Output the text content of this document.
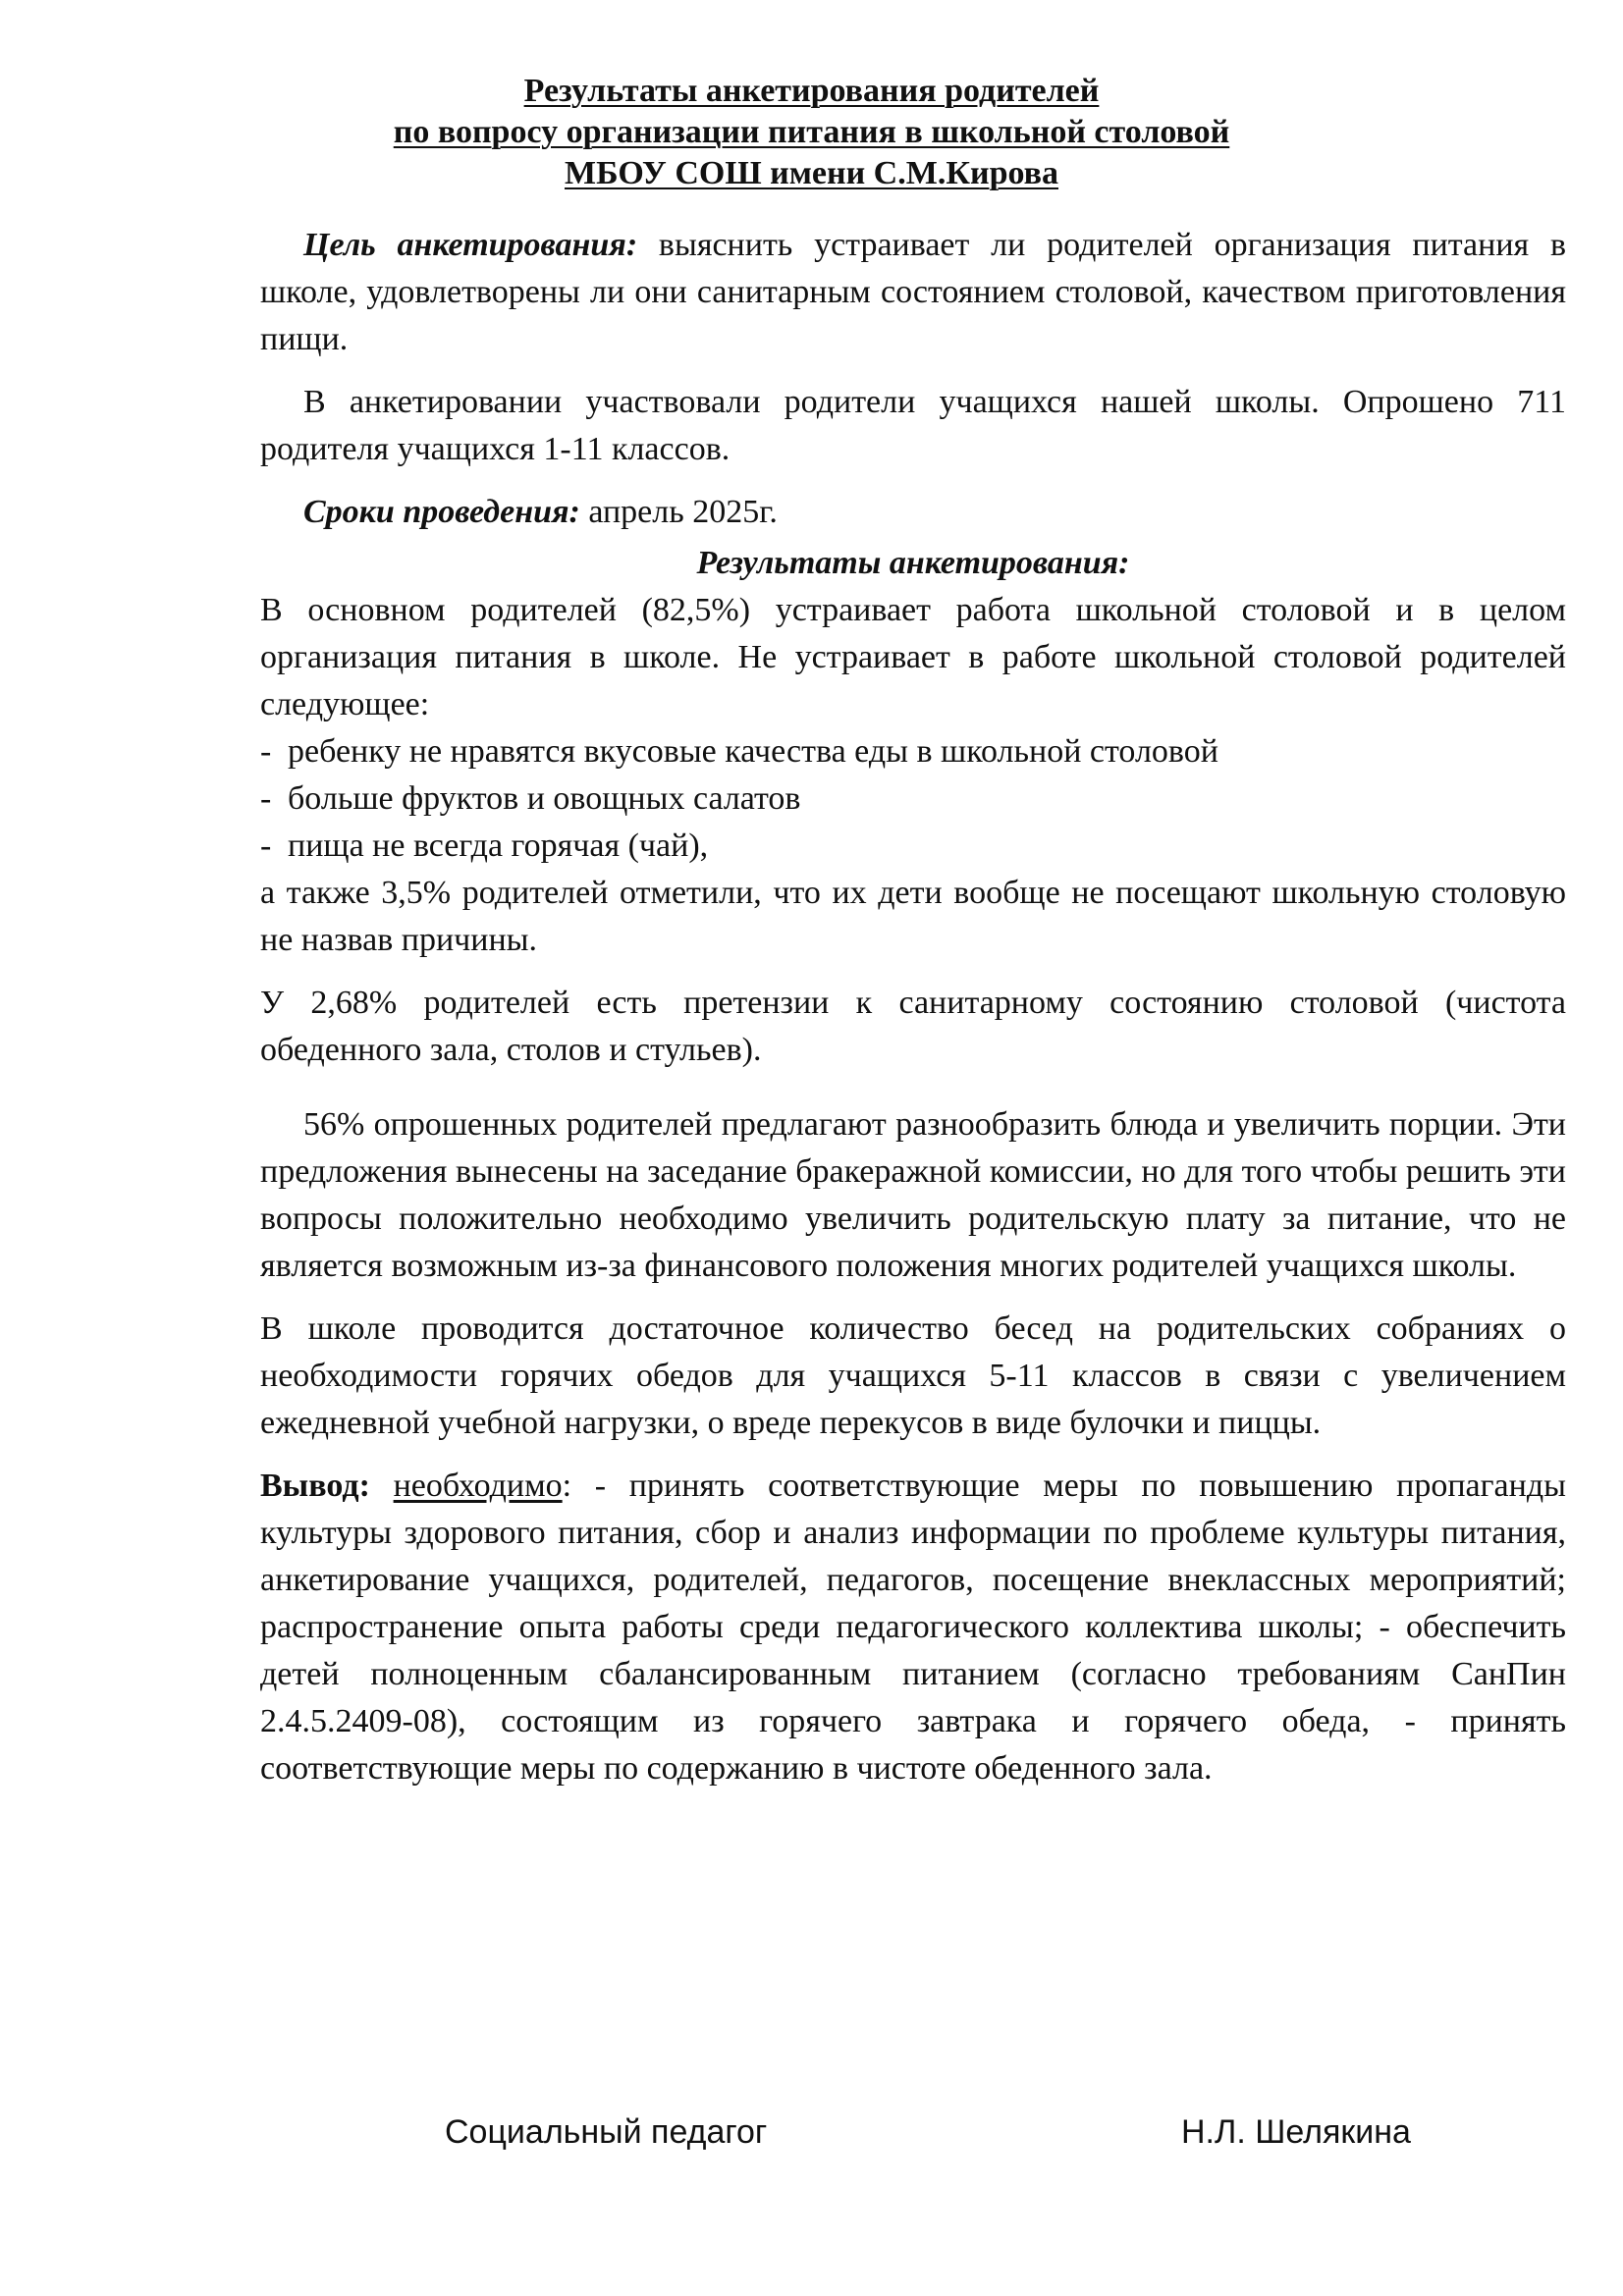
Результаты анкетирования родителей
по вопросу организации питания в школьной столовой
МБОУ СОШ имени С.М.Кирова

Цель анкетирования: выяснить устраивает ли родителей организация питания в школе, удовлетворены ли они санитарным состоянием столовой, качеством приготовления пищи.

В анкетировании участвовали родители учащихся нашей школы. Опрошено 711 родителя учащихся 1-11 классов.

Сроки проведения: апрель 2025г.

Результаты анкетирования:

В основном родителей (82,5%) устраивает работа школьной столовой и в целом организация питания в школе. Не устраивает в работе школьной столовой родителей следующее:

- ребенку не нравятся вкусовые качества еды в школьной столовой
- больше фруктов и овощных салатов
- пища не всегда горячая (чай),

а также 3,5% родителей отметили, что их дети вообще не посещают школьную столовую не назвав причины.

У 2,68% родителей есть претензии к санитарному состоянию столовой (чистота обеденного зала, столов и стульев).

56% опрошенных родителей предлагают разнообразить блюда и увеличить порции. Эти предложения вынесены на заседание бракеражной комиссии, но для того чтобы решить эти вопросы положительно необходимо увеличить родительскую плату за питание, что не является возможным из-за финансового положения многих родителей учащихся школы.

В школе проводится достаточное количество бесед на родительских собраниях о необходимости горячих обедов для учащихся 5-11 классов в связи с увеличением ежедневной учебной нагрузки, о вреде перекусов в виде булочки и пиццы.

Вывод: необходимо: - принять соответствующие меры по повышению пропаганды культуры здорового питания, сбор и анализ информации по проблеме культуры питания, анкетирование учащихся, родителей, педагогов, посещение внеклассных мероприятий; распространение опыта работы среди педагогического коллектива школы; - обеспечить детей полноценным сбалансированным питанием (согласно требованиям СанПин 2.4.5.2409-08), состоящим из горячего завтрака и горячего обеда, - принять соответствующие меры по содержанию в чистоте обеденного зала.

Социальный педагог	Н.Л. Шелякина
